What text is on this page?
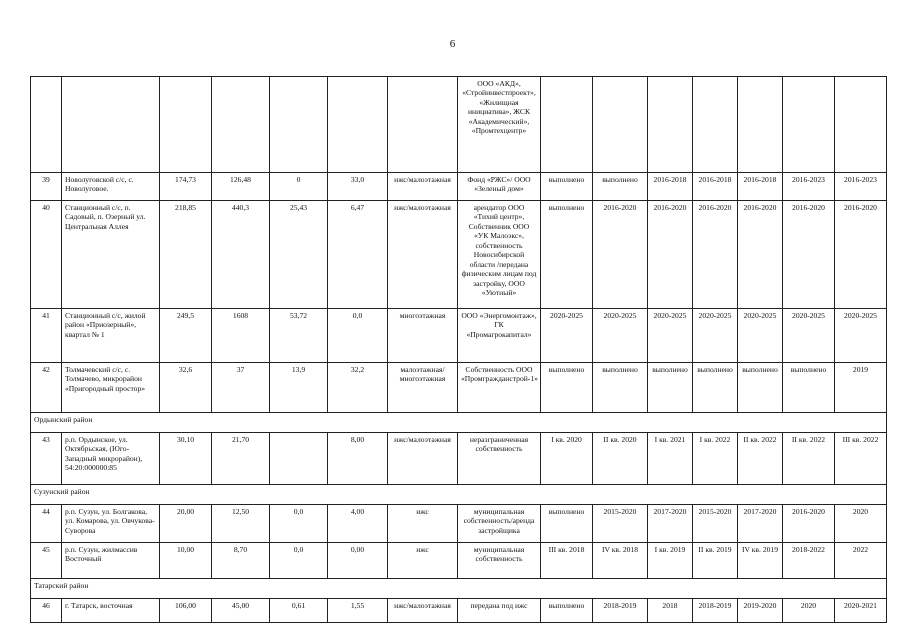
6
							ООО «АКД», «Стройинвестпроект», «Жилищная инициатива», ЖСК «Академический», «Промтехцентр»							
39	Новолуговской с/с, с. Новолуговое.	174,73	126,48	0	33,0	ижс/малоэтажная	Фонд «РЖС»/ ООО «Зеленый дом»	выполнено	выполнено	2016-2018	2016-2018	2016-2018	2016-2023	2016-2023
40	Станционный с/с, п. Садовый, п. Озерный ул. Центральная Аллея	218,85	440,3	25,43	6,47	ижс/малоэтажная	арендатор ООО «Тихий центр», Собственник ООО «УК Малоэкс», собственность Новосибирской области /передана физическим лицам под застройку, ООО «Уютный»	выполнено	2016-2020	2016-2020	2016-2020	2016-2020	2016-2020	2016-2020
41	Станционный с/с, жилой район «Приозерный», квартал № 1	249,5	1608	53,72	0,0	многоэтажная	ООО «Энергомонтаж», ГК «Промагрокапитал»	2020-2025	2020-2025	2020-2025	2020-2025	2020-2025	2020-2025	2020-2025
42	Толмачевский с/с, с. Толмачево, микрорайон «Пригородный простор»	32,6	37	13,9	32,2	малоэтажная/ многоэтажная	Собственность ООО «Промгражданстрой-1»	выполнено	выполнено	выполнено	выполнено	выполнено	выполнено	2019
Ордынский район														
43	р.п. Ордынское, ул. Октябрьская, (Юго-Западный микрорайон), 54:20:000000:85	30,10	21,70		8,00	ижс/малоэтажная	неразграниченная собственность	I кв. 2020	II кв. 2020	I кв. 2021	I кв. 2022	II кв. 2022	II кв. 2022	III кв. 2022
Сузунский район														
44	р.п. Сузун, ул. Болгакова, ул. Комарова, ул. Овчукова-Суворова	20,00	12,50	0,0	4,00	ижс	муниципальная собственность/аренда застройщика	выполнено	2015-2020	2017-2020	2015-2020	2017-2020	2016-2020	2020
45	р.п. Сузун, жилмассив Восточный	10,00	8,70	0,0	0,00	ижс	муниципальная собственность	III кв. 2018	IV кв. 2018	I кв. 2019	II кв. 2019	IV кв. 2019	2018-2022	2022
Татарский район														
46	г. Татарск, восточная	106,00	45,00	0,61	1,55	ижс/малоэтажная	передана под ижс	выполнено	2018-2019	2018	2018-2019	2019-2020	2020	2020-2021
